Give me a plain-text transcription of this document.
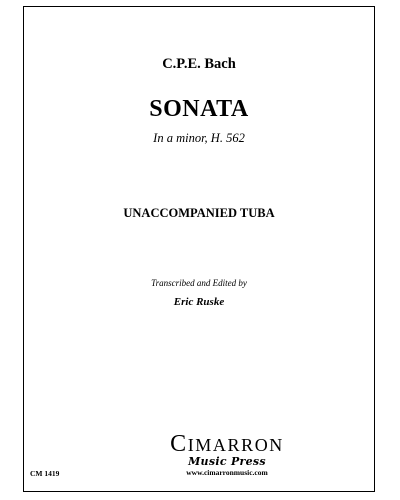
C.P.E. Bach
SONATA
In a minor, H. 562
UNACCOMPANIED TUBA
Transcribed and Edited by
Eric Ruske
CIMARRON
Music Press
www.cimarronmusic.com
CM 1419
